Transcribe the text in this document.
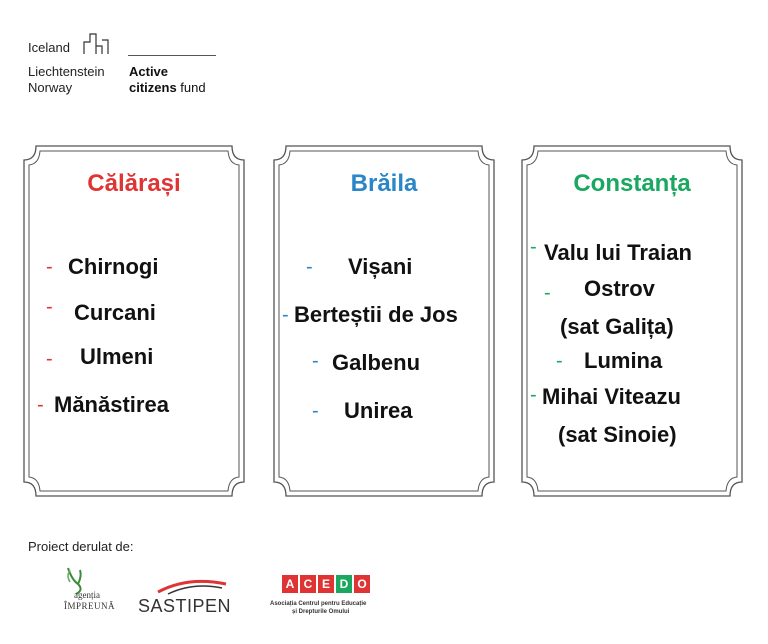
Iceland
Liechtenstein
Norway
Active
citizens fund
Călărași
- Chirnogi
- Curcani
- Ulmeni
- Mănăstirea
Brăila
- Vișani
- Berteștii de Jos
- Galbenu
- Unirea
Constanța
- Valu lui Traian
- Ostrov
(sat Galița)
- Lumina
- Mihai Viteazu
(sat Sinoie)
Proiect derulat de:
agenția
ÎMPREUNĂ SASTIPEN
A C E D O
Asociația Centrul pentru Educație
și Drepturile Omului
